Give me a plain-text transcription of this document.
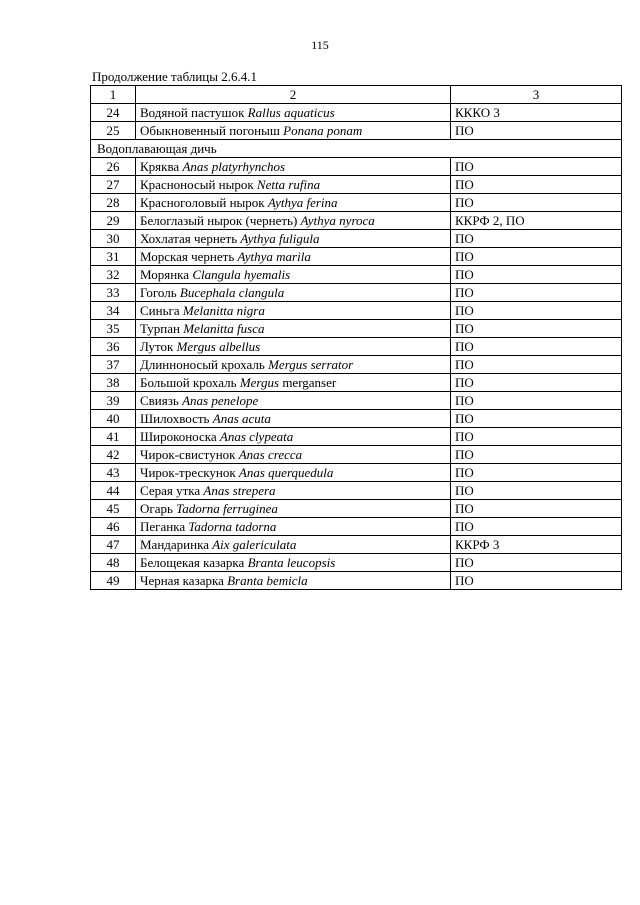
115
Продолжение таблицы 2.6.4.1
1	2	3
24	Водяной пастушок Rallus aquaticus	КККО 3
25	Обыкновенный погоныш Ponana ponam	ПО
Водоплавающая дичь		
26	Кряква Anas platyrhynchos	ПО
27	Красноносый нырок Netta rufina	ПО
28	Красноголовый нырок Aythya ferina	ПО
29	Белоглазый нырок (чернеть) Aythya nyroca	ККРФ 2, ПО
30	Хохлатая чернеть Aythya fuligula	ПО
31	Морская чернеть Aythya marila	ПО
32	Морянка Clangula hyemalis	ПО
33	Гоголь Bucephala clangula	ПО
34	Синьга Melanitta nigra	ПО
35	Турпан Melanitta fusca	ПО
36	Луток Mergus albellus	ПО
37	Длинноносый крохаль Mergus serrator	ПО
38	Большой крохаль Mergus merganser	ПО
39	Свиязь Anas penelope	ПО
40	Шилохвость Anas acuta	ПО
41	Широконоска Anas clypeata	ПО
42	Чирок-свистунок Anas crecca	ПО
43	Чирок-трескунок Anas querquedula	ПО
44	Серая утка Anas strepera	ПО
45	Огарь Tadorna ferruginea	ПО
46	Пеганка Tadorna tadorna	ПО
47	Мандаринка Aix galericulata	ККРФ 3
48	Белощекая казарка Branta leucopsis	ПО
49	Черная казарка Branta bemicla	ПО
